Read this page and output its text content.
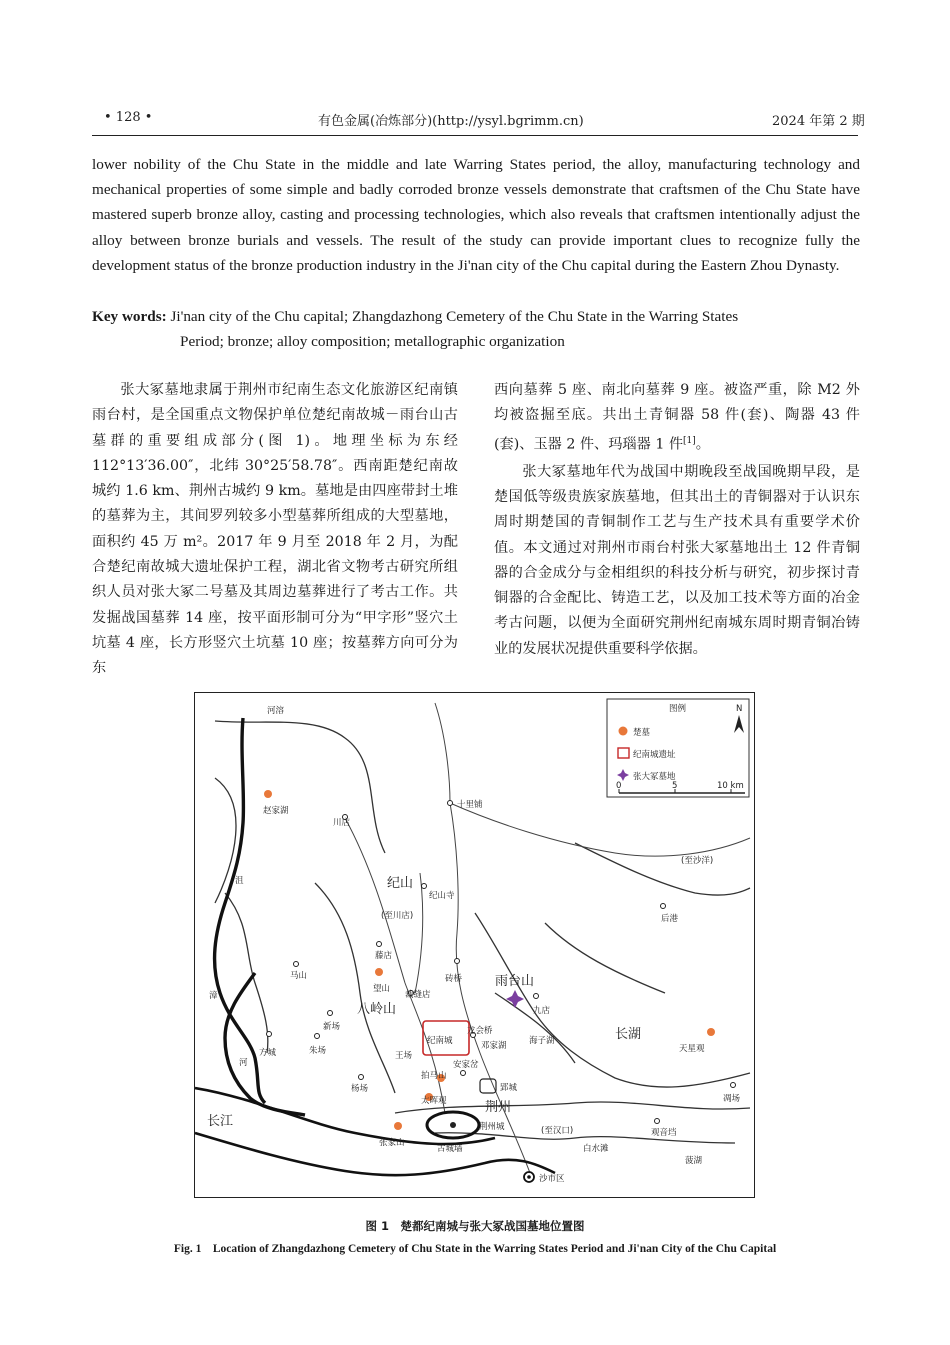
• 128 •	有色金属(冶炼部分)(http://ysyl.bgrimm.cn)	2024 年第 2 期

lower nobility of the Chu State in the middle and late Warring States period, the alloy, manufacturing technology and mechanical properties of some simple and badly corroded bronze vessels demonstrate that craftsmen of the Chu State have mastered superb bronze alloy, casting and processing technologies, which also reveals that craftsmen intentionally adjust the alloy between bronze burials and vessels. The result of the study can provide important clues to recognize fully the development status of the bronze production industry in the Ji'nan city of the Chu capital during the Eastern Zhou Dynasty.

Key words: Ji'nan city of the Chu capital; Zhangdazhong Cemetery of the Chu State in the Warring States
Period; bronze; alloy composition; metallographic organization

张大冢墓地隶属于荆州市纪南生态文化旅游区纪南镇雨台村，是全国重点文物保护单位楚纪南故城－雨台山古墓群的重要组成部分(图 1)。地理坐标为东经 112°13′36.00″，北纬 30°25′58.78″。西南距楚纪南故城约 1.6 km、荆州古城约 9 km。墓地是由四座带封土堆的墓葬为主，其间罗列较多小型墓葬所组成的大型墓地，面积约 45 万 m²。2017 年 9 月至 2018 年 2 月，为配合楚纪南故城大遗址保护工程，湖北省文物考古研究所组织人员对张大冢二号墓及其周边墓葬进行了考古工作。共发掘战国墓葬 14 座，按平面形制可分为“甲字形”竖穴土坑墓 4 座，长方形竖穴土坑墓 10 座；按墓葬方向可分为东

西向墓葬 5 座、南北向墓葬 9 座。被盗严重，除 M2 外均被盗掘至底。共出土青铜器 58 件(套)、陶器 43 件(套)、玉器 2 件、玛瑙器 1 件[1]。

张大冢墓地年代为战国中期晚段至战国晚期早段，是楚国低等级贵族家族墓地，但其出土的青铜器对于认识东周时期楚国的青铜制作工艺与生产技术具有重要学术价值。本文通过对荆州市雨台村张大冢墓地出土 12 件青铜器的合金成分与金相组织的科技分析与研究，初步探讨青铜器的合金配比、铸造工艺，以及加工技术等方面的冶金考古问题，以便为全面研究荆州纪南城东周时期青铜冶铸业的发展状况提供重要科学依据。

图例	N
楚墓
纪南城遗址
张大冢墓地
0	5	10 km
河溶
赵家湖
川店
十里铺
纪山
纪山寺
(至川店)
藤店
马山
望山
八岭山
裁缝店
砖桥	雨台山
九店
龙会桥
纪南城
新场
朱场
方城	王场
拍马山
安家岔
邓家湖
郢城
太晖观
杨场
张家山
荆州
荆州城
古城墙
沙市区
天星观
凋场
观音垱
菠湖
后港
(至沙洋)
(至汉口)
白水滩
长湖
海子湖
沮
漳
河
长江
图 1　楚都纪南城与张大冢战国墓地位置图
Fig. 1　Location of Zhangdazhong Cemetery of Chu State in the Warring States Period and Ji'nan City of the Chu Capital
